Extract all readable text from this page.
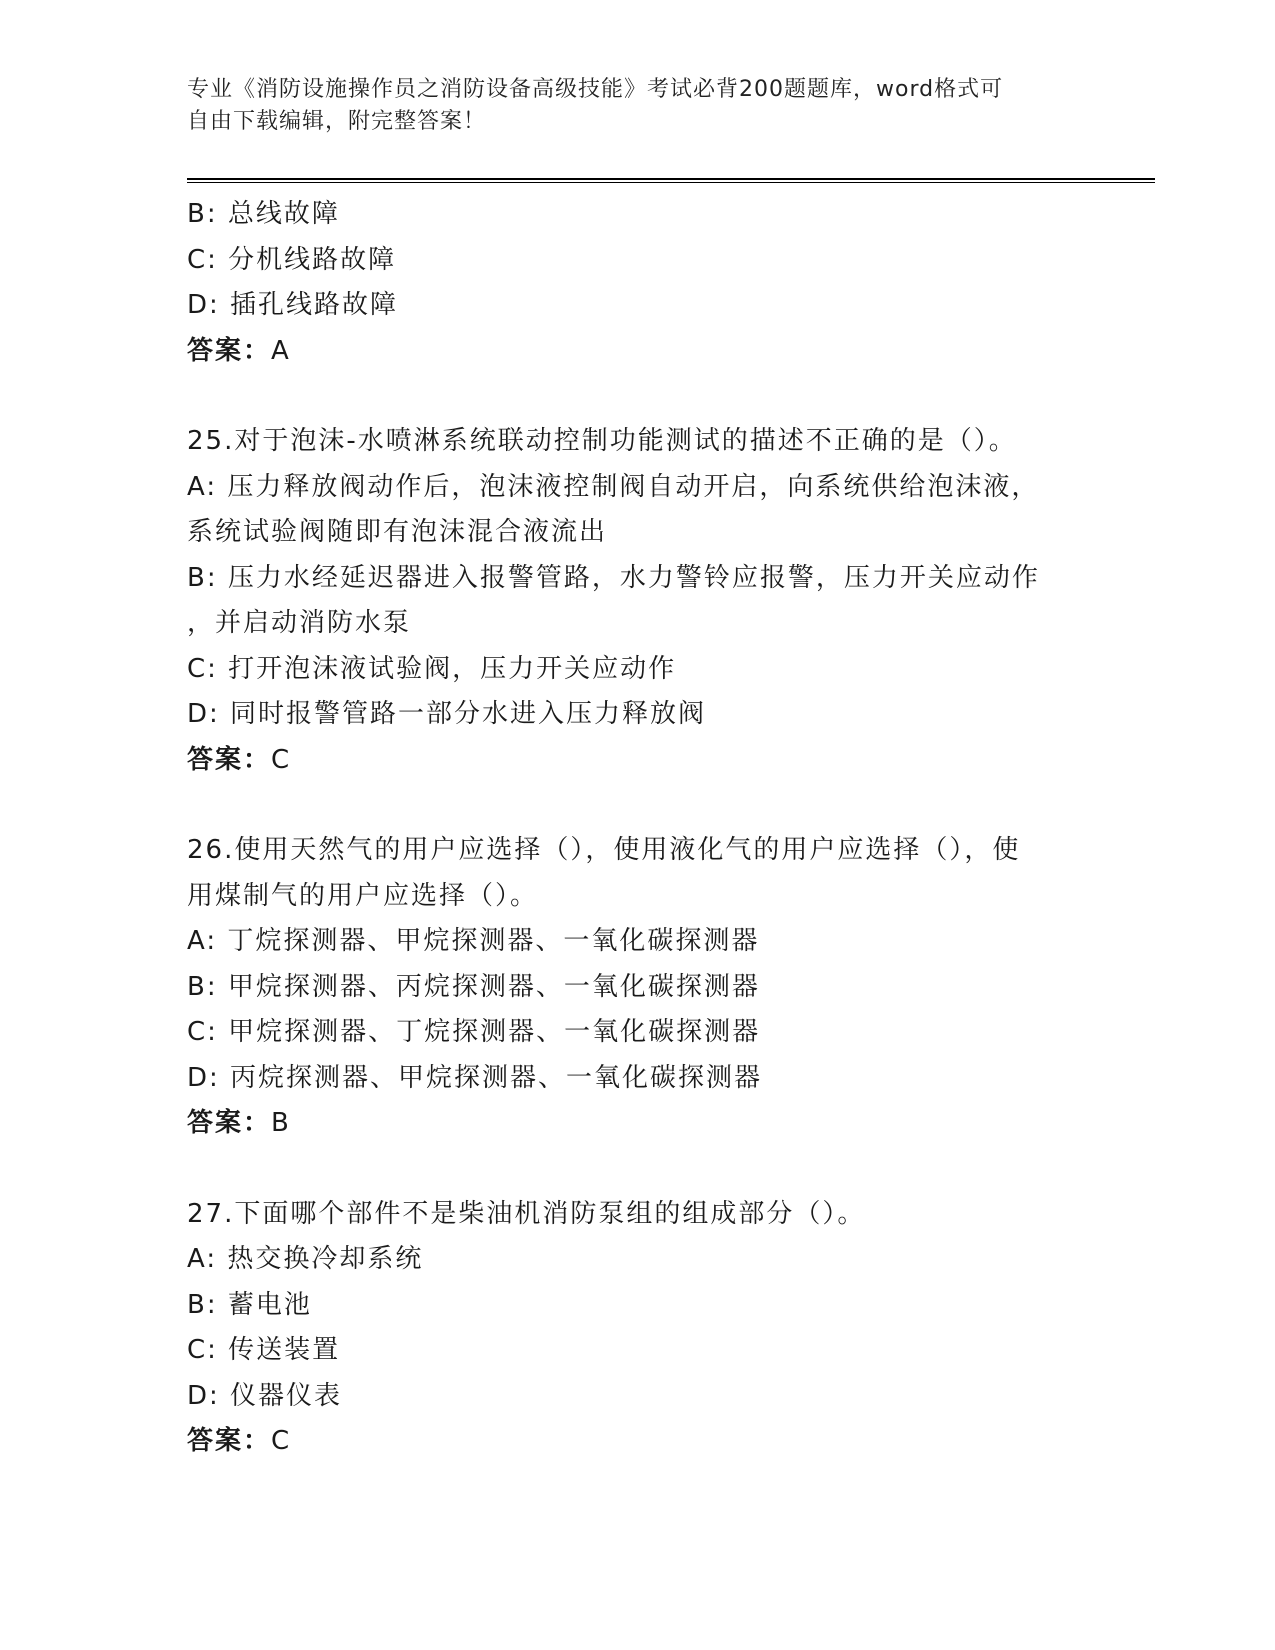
专业《消防设施操作员之消防设备高级技能》考试必背200题题库，word格式可
自由下载编辑，附完整答案！
B: 总线故障
C: 分机线路故障
D: 插孔线路故障
答案：A
25.对于泡沫-水喷淋系统联动控制功能测试的描述不正确的是（）。
A: 压力释放阀动作后，泡沫液控制阀自动开启，向系统供给泡沫液，
系统试验阀随即有泡沫混合液流出
B: 压力水经延迟器进入报警管路，水力警铃应报警，压力开关应动作
，并启动消防水泵
C: 打开泡沫液试验阀，压力开关应动作
D: 同时报警管路一部分水进入压力释放阀
答案：C
26.使用天然气的用户应选择（），使用液化气的用户应选择（），使
用煤制气的用户应选择（）。
A: 丁烷探测器、甲烷探测器、一氧化碳探测器
B: 甲烷探测器、丙烷探测器、一氧化碳探测器
C: 甲烷探测器、丁烷探测器、一氧化碳探测器
D: 丙烷探测器、甲烷探测器、一氧化碳探测器
答案：B
27.下面哪个部件不是柴油机消防泵组的组成部分（）。
A: 热交换冷却系统
B: 蓄电池
C: 传送装置
D: 仪器仪表
答案：C
